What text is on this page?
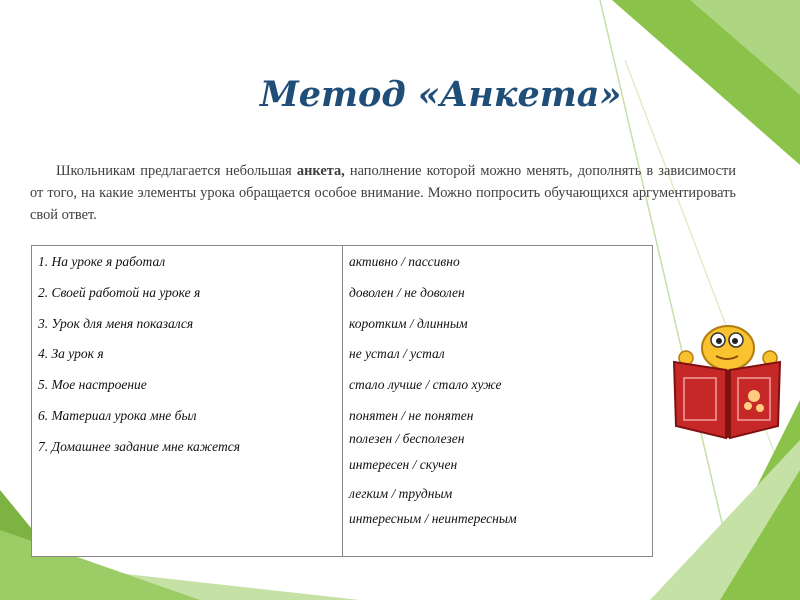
Метод «Анкета»
Школьникам предлагается небольшая анкета, наполнение которой можно менять, дополнять в зависимости от того, на какие элементы урока обращается особое внимание. Можно попросить обучающихся аргументировать свой ответ.
1. На уроке я работал
2. Своей работой на уроке я
3. Урок для меня показался
4. За урок я
5. Мое настроение
6. Материал урока мне был
7. Домашнее задание мне кажется
активно / пассивно
доволен / не доволен
коротким / длинным
не устал / устал
стало лучше / стало хуже
понятен / не понятен
полезен / бесполезен
интересен / скучен
легким / трудным
интересным / неинтересным
